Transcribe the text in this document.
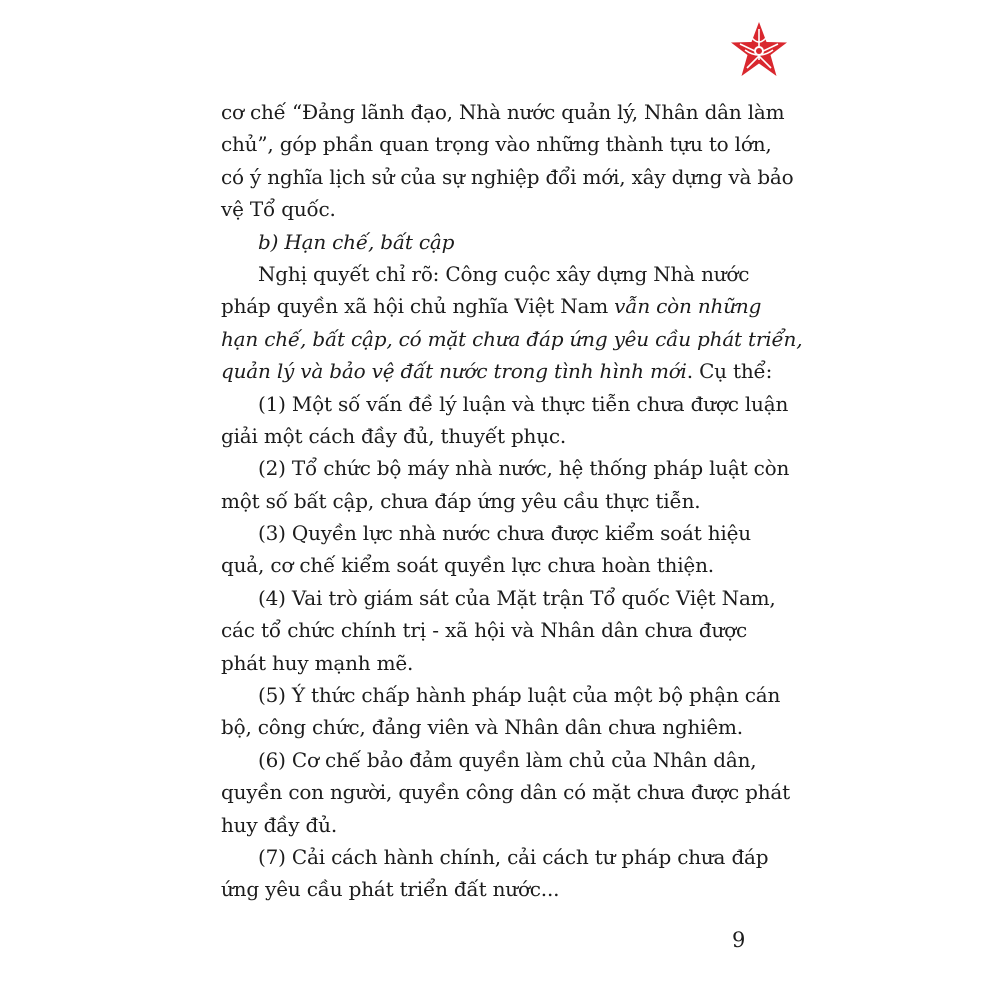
cơ chế “Đảng lãnh đạo, Nhà nước quản lý, Nhân dân làm
chủ”, góp phần quan trọng vào những thành tựu to lớn,
có ý nghĩa lịch sử của sự nghiệp đổi mới, xây dựng và bảo
vệ Tổ quốc.
b) Hạn chế, bất cập
Nghị quyết chỉ rõ: Công cuộc xây dựng Nhà nước
pháp quyền xã hội chủ nghĩa Việt Nam vẫn còn những
hạn chế, bất cập, có mặt chưa đáp ứng yêu cầu phát triển,
quản lý và bảo vệ đất nước trong tình hình mới. Cụ thể:
(1) Một số vấn đề lý luận và thực tiễn chưa được luận
giải một cách đầy đủ, thuyết phục.
(2) Tổ chức bộ máy nhà nước, hệ thống pháp luật còn
một số bất cập, chưa đáp ứng yêu cầu thực tiễn.
(3) Quyền lực nhà nước chưa được kiểm soát hiệu
quả, cơ chế kiểm soát quyền lực chưa hoàn thiện.
(4) Vai trò giám sát của Mặt trận Tổ quốc Việt Nam,
các tổ chức chính trị - xã hội và Nhân dân chưa được
phát huy mạnh mẽ.
(5) Ý thức chấp hành pháp luật của một bộ phận cán
bộ, công chức, đảng viên và Nhân dân chưa nghiêm.
(6) Cơ chế bảo đảm quyền làm chủ của Nhân dân,
quyền con người, quyền công dân có mặt chưa được phát
huy đầy đủ.
(7) Cải cách hành chính, cải cách tư pháp chưa đáp
ứng yêu cầu phát triển đất nước...
9
